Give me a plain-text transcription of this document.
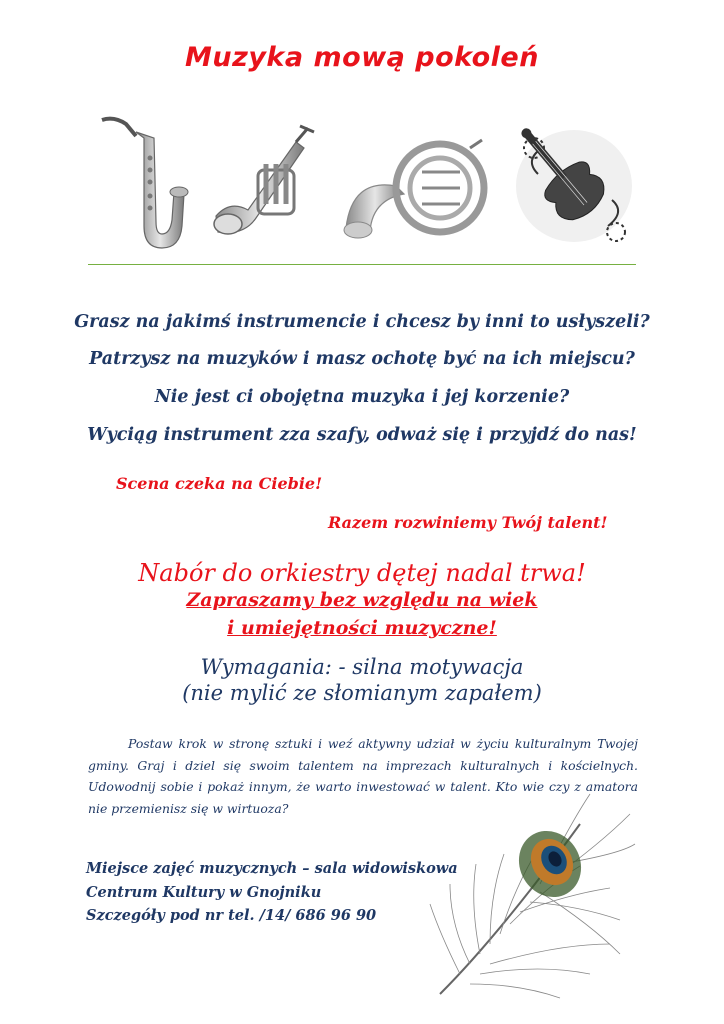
Muzyka mową pokoleń
Grasz na jakimś instrumencie i chcesz by inni to usłyszeli?
Patrzysz na muzyków i masz ochotę być na ich miejscu?
Nie jest ci obojętna muzyka i jej korzenie?
Wyciąg instrument zza szafy, odważ się i przyjdź do nas!
Scena czeka na Ciebie!
Razem rozwiniemy Twój talent!
Nabór do orkiestry dętej nadal trwa!
Zapraszamy bez względu na wiek
i umiejętności muzyczne!
Wymagania: - silna motywacja
(nie mylić ze słomianym zapałem)
Postaw krok w stronę sztuki i weź aktywny udział w życiu kulturalnym Twojej gminy. Graj i dziel się swoim talentem na imprezach kulturalnych i kościelnych. Udowodnij sobie i pokaż innym, że warto inwestować w talent. Kto wie czy z amatora nie przemienisz się w wirtuoza?
Miejsce zajęć muzycznych – sala widowiskowa
Centrum Kultury w Gnojniku
Szczegóły pod nr tel. /14/ 686 96 90
